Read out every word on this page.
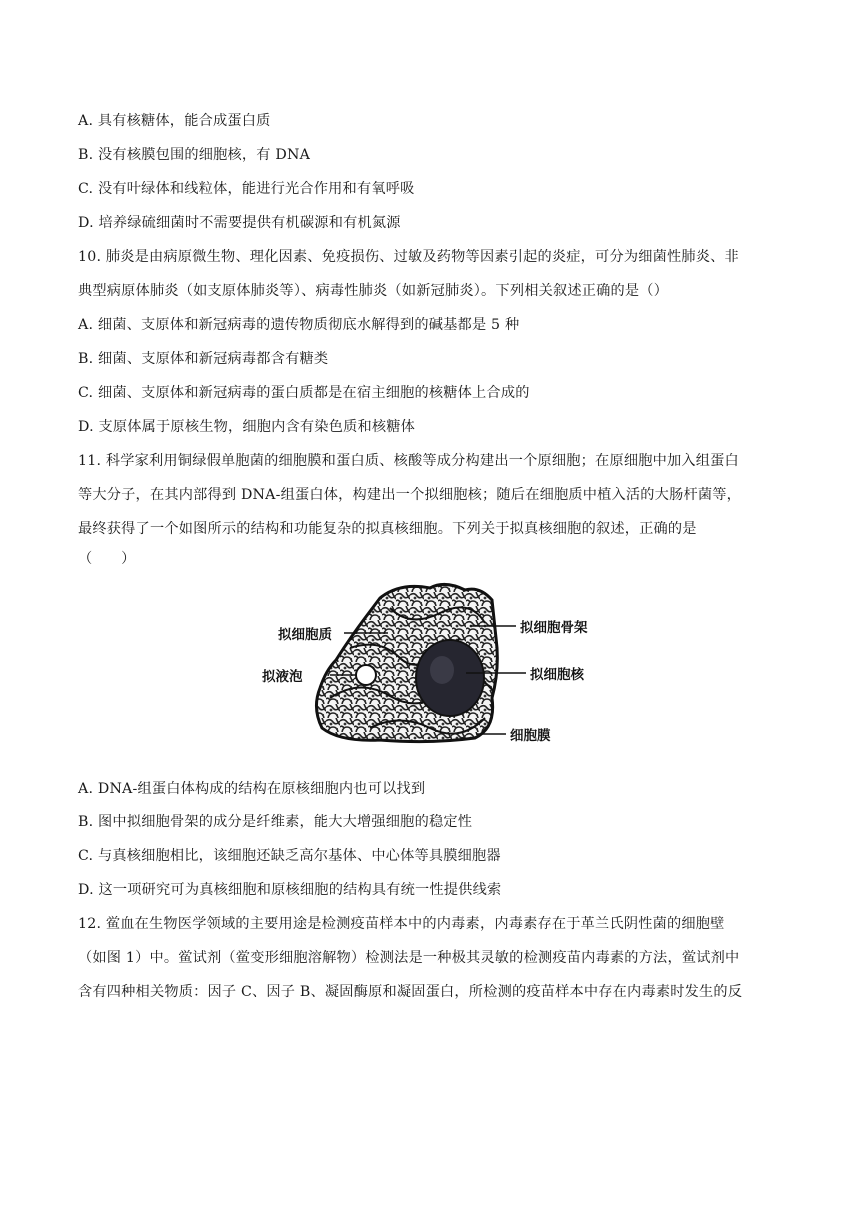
A. 具有核糖体，能合成蛋白质
B. 没有核膜包围的细胞核，有 DNA
C. 没有叶绿体和线粒体，能进行光合作用和有氧呼吸
D. 培养绿硫细菌时不需要提供有机碳源和有机氮源
10. 肺炎是由病原微生物、理化因素、免疫损伤、过敏及药物等因素引起的炎症，可分为细菌性肺炎、非
典型病原体肺炎（如支原体肺炎等）、病毒性肺炎（如新冠肺炎）。下列相关叙述正确的是（）
A. 细菌、支原体和新冠病毒的遗传物质彻底水解得到的碱基都是 5 种
B. 细菌、支原体和新冠病毒都含有糖类
C. 细菌、支原体和新冠病毒的蛋白质都是在宿主细胞的核糖体上合成的
D. 支原体属于原核生物，细胞内含有染色质和核糖体
11. 科学家利用铜绿假单胞菌的细胞膜和蛋白质、核酸等成分构建出一个原细胞；在原细胞中加入组蛋白
等大分子，在其内部得到 DNA-组蛋白体，构建出一个拟细胞核；随后在细胞质中植入活的大肠杆菌等，
最终获得了一个如图所示的结构和功能复杂的拟真核细胞。下列关于拟真核细胞的叙述，正确的是
（　　）
拟细胞质
拟液泡
拟细胞骨架
拟细胞核
细胞膜
A. DNA-组蛋白体构成的结构在原核细胞内也可以找到
B. 图中拟细胞骨架的成分是纤维素，能大大增强细胞的稳定性
C. 与真核细胞相比，该细胞还缺乏高尔基体、中心体等具膜细胞器
D. 这一项研究可为真核细胞和原核细胞的结构具有统一性提供线索
12. 鲎血在生物医学领域的主要用途是检测疫苗样本中的内毒素，内毒素存在于革兰氏阴性菌的细胞壁
（如图 1）中。鲎试剂（鲎变形细胞溶解物）检测法是一种极其灵敏的检测疫苗内毒素的方法，鲎试剂中
含有四种相关物质：因子 C、因子 B、凝固酶原和凝固蛋白，所检测的疫苗样本中存在内毒素时发生的反
